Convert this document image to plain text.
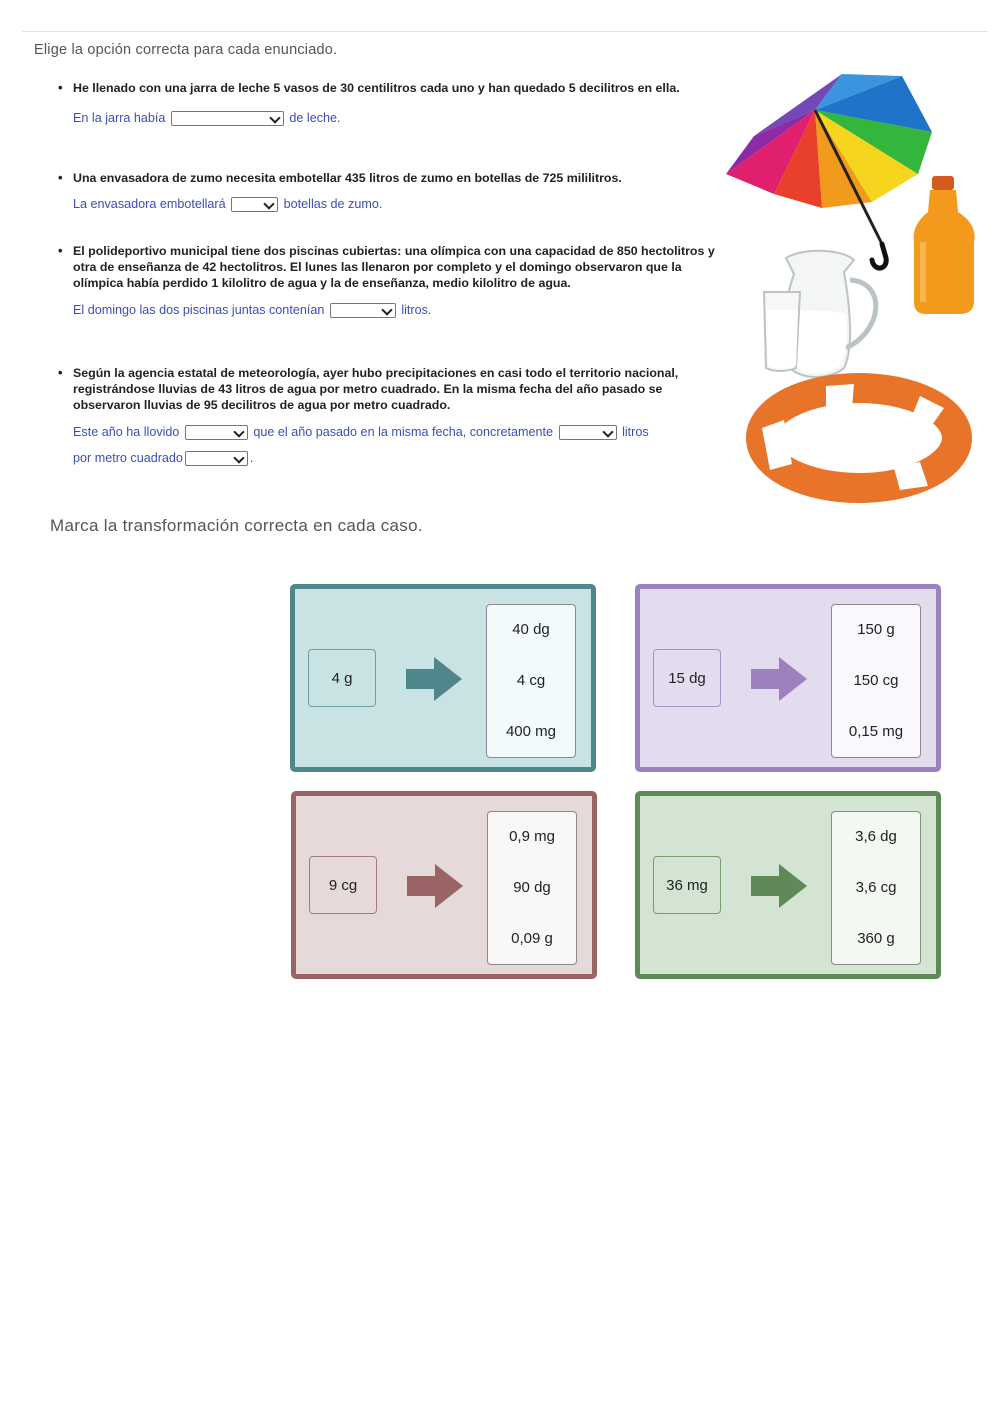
Elige la opción correcta para cada enunciado.
• He llenado con una jarra de leche 5 vasos de 30 centilitros cada uno y han quedado 5 decilitros en ella.
En la jarra había	de leche.
• Una envasadora de zumo necesita embotellar 435 litros de zumo en botellas de 725 mililitros.
La envasadora embotellará	botellas de zumo.
• El polideportivo municipal tiene dos piscinas cubiertas: una olímpica con una capacidad de 850 hectolitros y otra de enseñanza de 42 hectolitros. El lunes las llenaron por completo y el domingo observaron que la olímpica había perdido 1 kilolitro de agua y la de enseñanza, medio kilolitro de agua.
El domingo las dos piscinas juntas contenían	litros.
• Según la agencia estatal de meteorología, ayer hubo precipitaciones en casi todo el territorio nacional, registrándose lluvias de 43 litros de agua por metro cuadrado. En la misma fecha del año pasado se observaron lluvias de 95 decilitros de agua por metro cuadrado.
Este año ha llovido	que el año pasado en la misma fecha, concretamente	litros
por metro cuadrado	.
Marca la transformación correcta en cada caso.
4 g
40 dg
4 cg
400 mg
15 dg
150 g
150 cg
0,15 mg
9 cg
0,9 mg
90 dg
0,09 g
36 mg
3,6 dg
3,6 cg
360 g
